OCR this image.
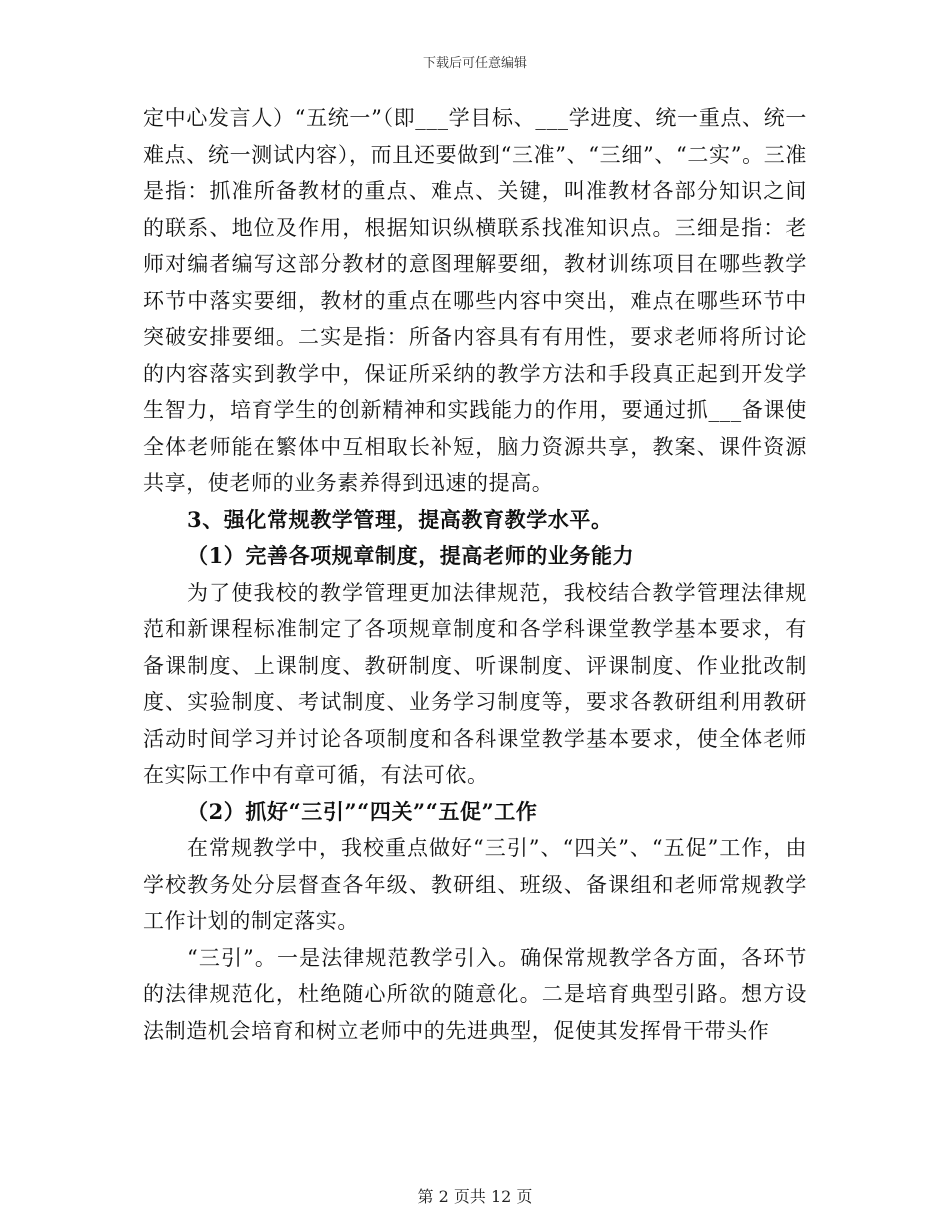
下载后可任意编辑

定中心发言人）“五统一”（即___学目标、___学进度、统一重点、统一难点、统一测试内容），而且还要做到“三准”、“三细”、“二实”。三准是指：抓准所备教材的重点、难点、关键，叫准教材各部分知识之间的联系、地位及作用，根据知识纵横联系找准知识点。三细是指：老师对编者编写这部分教材的意图理解要细，教材训练项目在哪些教学环节中落实要细，教材的重点在哪些内容中突出，难点在哪些环节中突破安排要细。二实是指：所备内容具有有用性，要求老师将所讨论的内容落实到教学中，保证所采纳的教学方法和手段真正起到开发学生智力，培育学生的创新精神和实践能力的作用，要通过抓___备课使全体老师能在繁体中互相取长补短，脑力资源共享，教案、课件资源共享，使老师的业务素养得到迅速的提高。

3、强化常规教学管理，提高教育教学水平。

（1）完善各项规章制度，提高老师的业务能力

为了使我校的教学管理更加法律规范，我校结合教学管理法律规范和新课程标准制定了各项规章制度和各学科课堂教学基本要求，有备课制度、上课制度、教研制度、听课制度、评课制度、作业批改制度、实验制度、考试制度、业务学习制度等，要求各教研组利用教研活动时间学习并讨论各项制度和各科课堂教学基本要求，使全体老师在实际工作中有章可循，有法可依。

（2）抓好“三引”“四关”“五促”工作

在常规教学中，我校重点做好“三引”、“四关”、“五促”工作，由学校教务处分层督查各年级、教研组、班级、备课组和老师常规教学工作计划的制定落实。

“三引”。一是法律规范教学引入。确保常规教学各方面，各环节的法律规范化，杜绝随心所欲的随意化。二是培育典型引路。想方设法制造机会培育和树立老师中的先进典型，促使其发挥骨干带头作

第 2 页共 12 页
